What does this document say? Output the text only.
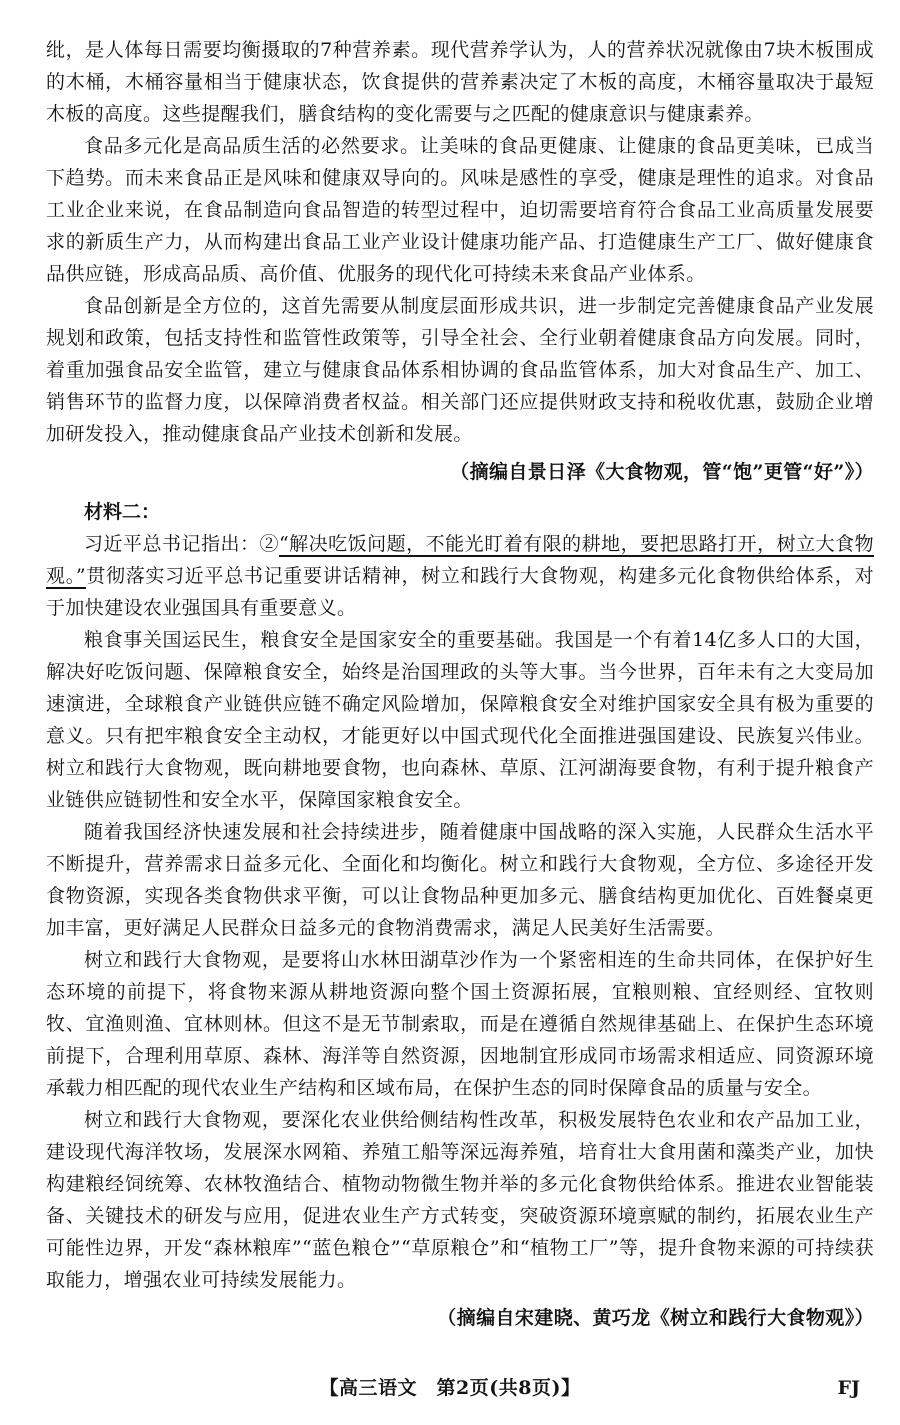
纰，是人体每日需要均衡摄取的7种营养素。现代营养学认为，人的营养状况就像由7块木板围成的木桶，木桶容量相当于健康状态，饮食提供的营养素决定了木板的高度，木桶容量取决于最短木板的高度。这些提醒我们，膳食结构的变化需要与之匹配的健康意识与健康素养。

食品多元化是高品质生活的必然要求。让美味的食品更健康、让健康的食品更美味，已成当下趋势。而未来食品正是风味和健康双导向的。风味是感性的享受，健康是理性的追求。对食品工业企业来说，在食品制造向食品智造的转型过程中，迫切需要培育符合食品工业高质量发展要求的新质生产力，从而构建出食品工业产业设计健康功能产品、打造健康生产工厂、做好健康食品供应链，形成高品质、高价值、优服务的现代化可持续未来食品产业体系。

食品创新是全方位的，这首先需要从制度层面形成共识，进一步制定完善健康食品产业发展规划和政策，包括支持性和监管性政策等，引导全社会、全行业朝着健康食品方向发展。同时，着重加强食品安全监管，建立与健康食品体系相协调的食品监管体系，加大对食品生产、加工、销售环节的监督力度，以保障消费者权益。相关部门还应提供财政支持和税收优惠，鼓励企业增加研发投入，推动健康食品产业技术创新和发展。

（摘编自景日泽《大食物观，管“饱”更管“好”》）

材料二：

习近平总书记指出：②“解决吃饭问题，不能光盯着有限的耕地，要把思路打开，树立大食物观。”贯彻落实习近平总书记重要讲话精神，树立和践行大食物观，构建多元化食物供给体系，对于加快建设农业强国具有重要意义。

粮食事关国运民生，粮食安全是国家安全的重要基础。我国是一个有着14亿多人口的大国，解决好吃饭问题、保障粮食安全，始终是治国理政的头等大事。当今世界，百年未有之大变局加速演进，全球粮食产业链供应链不确定风险增加，保障粮食安全对维护国家安全具有极为重要的意义。只有把牢粮食安全主动权，才能更好以中国式现代化全面推进强国建设、民族复兴伟业。树立和践行大食物观，既向耕地要食物，也向森林、草原、江河湖海要食物，有利于提升粮食产业链供应链韧性和安全水平，保障国家粮食安全。

随着我国经济快速发展和社会持续进步，随着健康中国战略的深入实施，人民群众生活水平不断提升，营养需求日益多元化、全面化和均衡化。树立和践行大食物观，全方位、多途径开发食物资源，实现各类食物供求平衡，可以让食物品种更加多元、膳食结构更加优化、百姓餐桌更加丰富，更好满足人民群众日益多元的食物消费需求，满足人民美好生活需要。

树立和践行大食物观，是要将山水林田湖草沙作为一个紧密相连的生命共同体，在保护好生态环境的前提下，将食物来源从耕地资源向整个国土资源拓展，宜粮则粮、宜经则经、宜牧则牧、宜渔则渔、宜林则林。但这不是无节制索取，而是在遵循自然规律基础上、在保护生态环境前提下，合理利用草原、森林、海洋等自然资源，因地制宜形成同市场需求相适应、同资源环境承载力相匹配的现代农业生产结构和区域布局，在保护生态的同时保障食品的质量与安全。

树立和践行大食物观，要深化农业供给侧结构性改革，积极发展特色农业和农产品加工业，建设现代海洋牧场，发展深水网箱、养殖工船等深远海养殖，培育壮大食用菌和藻类产业，加快构建粮经饲统筹、农林牧渔结合、植物动物微生物并举的多元化食物供给体系。推进农业智能装备、关键技术的研发与应用，促进农业生产方式转变，突破资源环境禀赋的制约，拓展农业生产可能性边界，开发“森林粮库”“蓝色粮仓”“草原粮仓”和“植物工厂”等，提升食物来源的可持续获取能力，增强农业可持续发展能力。

（摘编自宋建晓、黄巧龙《树立和践行大食物观》）

【高三语文　第2页(共8页)】	FJ
